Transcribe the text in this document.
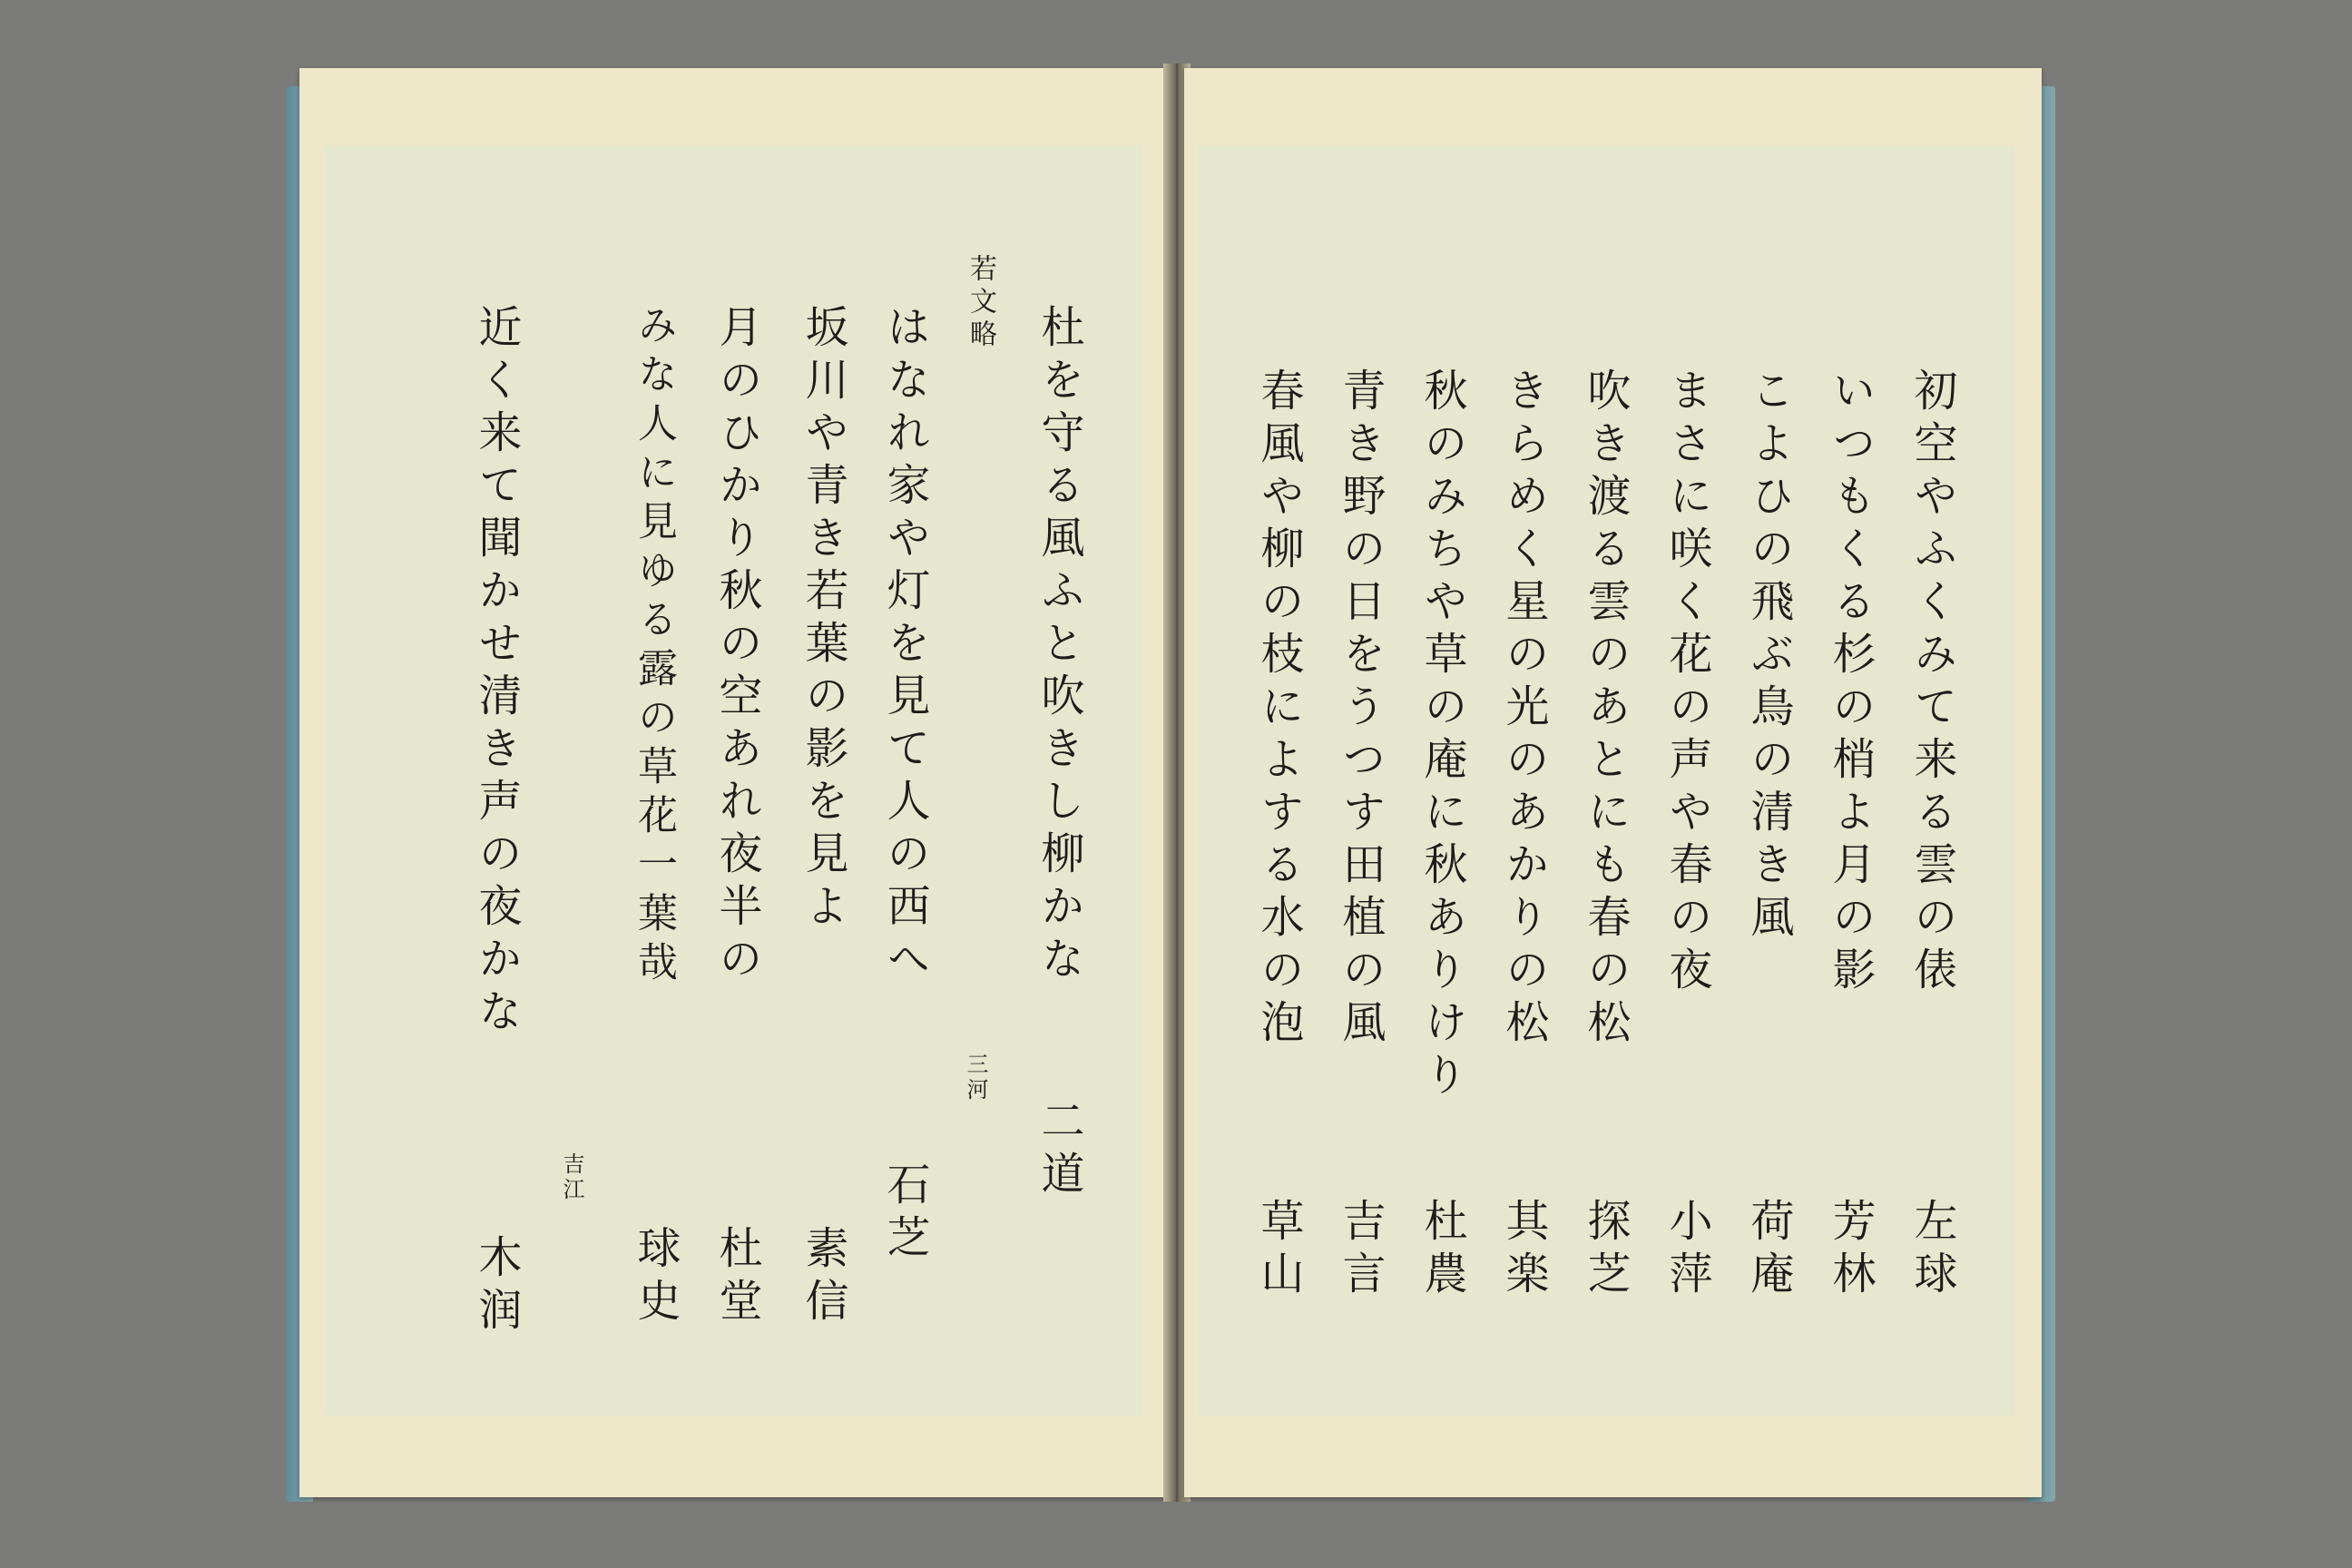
若文略
杜を守る風ふと吹きし柳かな
二道
三河
はなれ家や灯を見て人の西へ
石芝
坂川や青き若葉の影を見よ
素信
月のひかり秋の空あれ夜半の
杜堂
みな人に見ゆる露の草花一葉哉
球史
吉江
近く来て聞かせ清き声の夜かな
木润
初空やふくみて来る雲の俵
左球
いつもくる杉の梢よ月の影
芳林
こよひの飛ぶ鳥の清き風
荷庵
まさに咲く花の声や春の夜
小萍
吹き渡る雲のあとにも春の松
探芝
きらめく星の光のあかりの松
其楽
秋のみちや草の庵に秋ありけり
杜農
青き野の日をうつす田植の風
吉言
春風や柳の枝によする水の泡
草山
